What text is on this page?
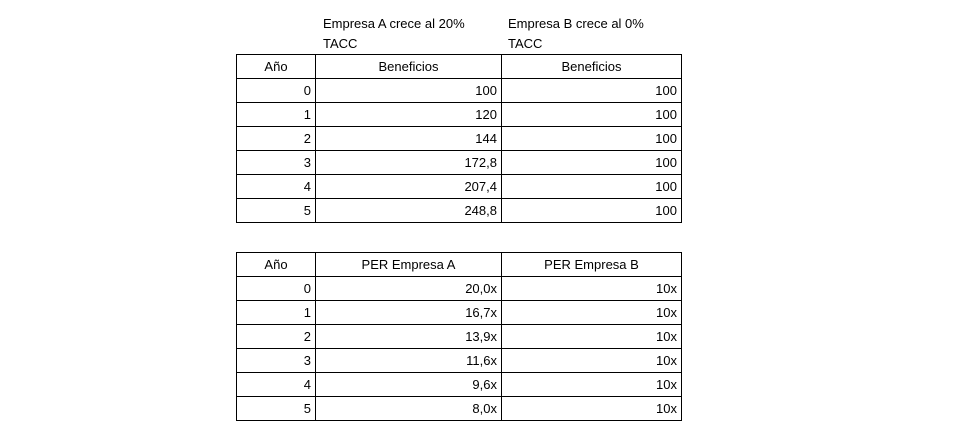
Empresa A crece al 20%
TACC
Empresa B crece al 0%
TACC
Año	Beneficios	Beneficios
0	100	100
1	120	100
2	144	100
3	172,8	100
4	207,4	100
5	248,8	100
Año	PER Empresa A	PER Empresa B
0	20,0x	10x
1	16,7x	10x
2	13,9x	10x
3	11,6x	10x
4	9,6x	10x
5	8,0x	10x
